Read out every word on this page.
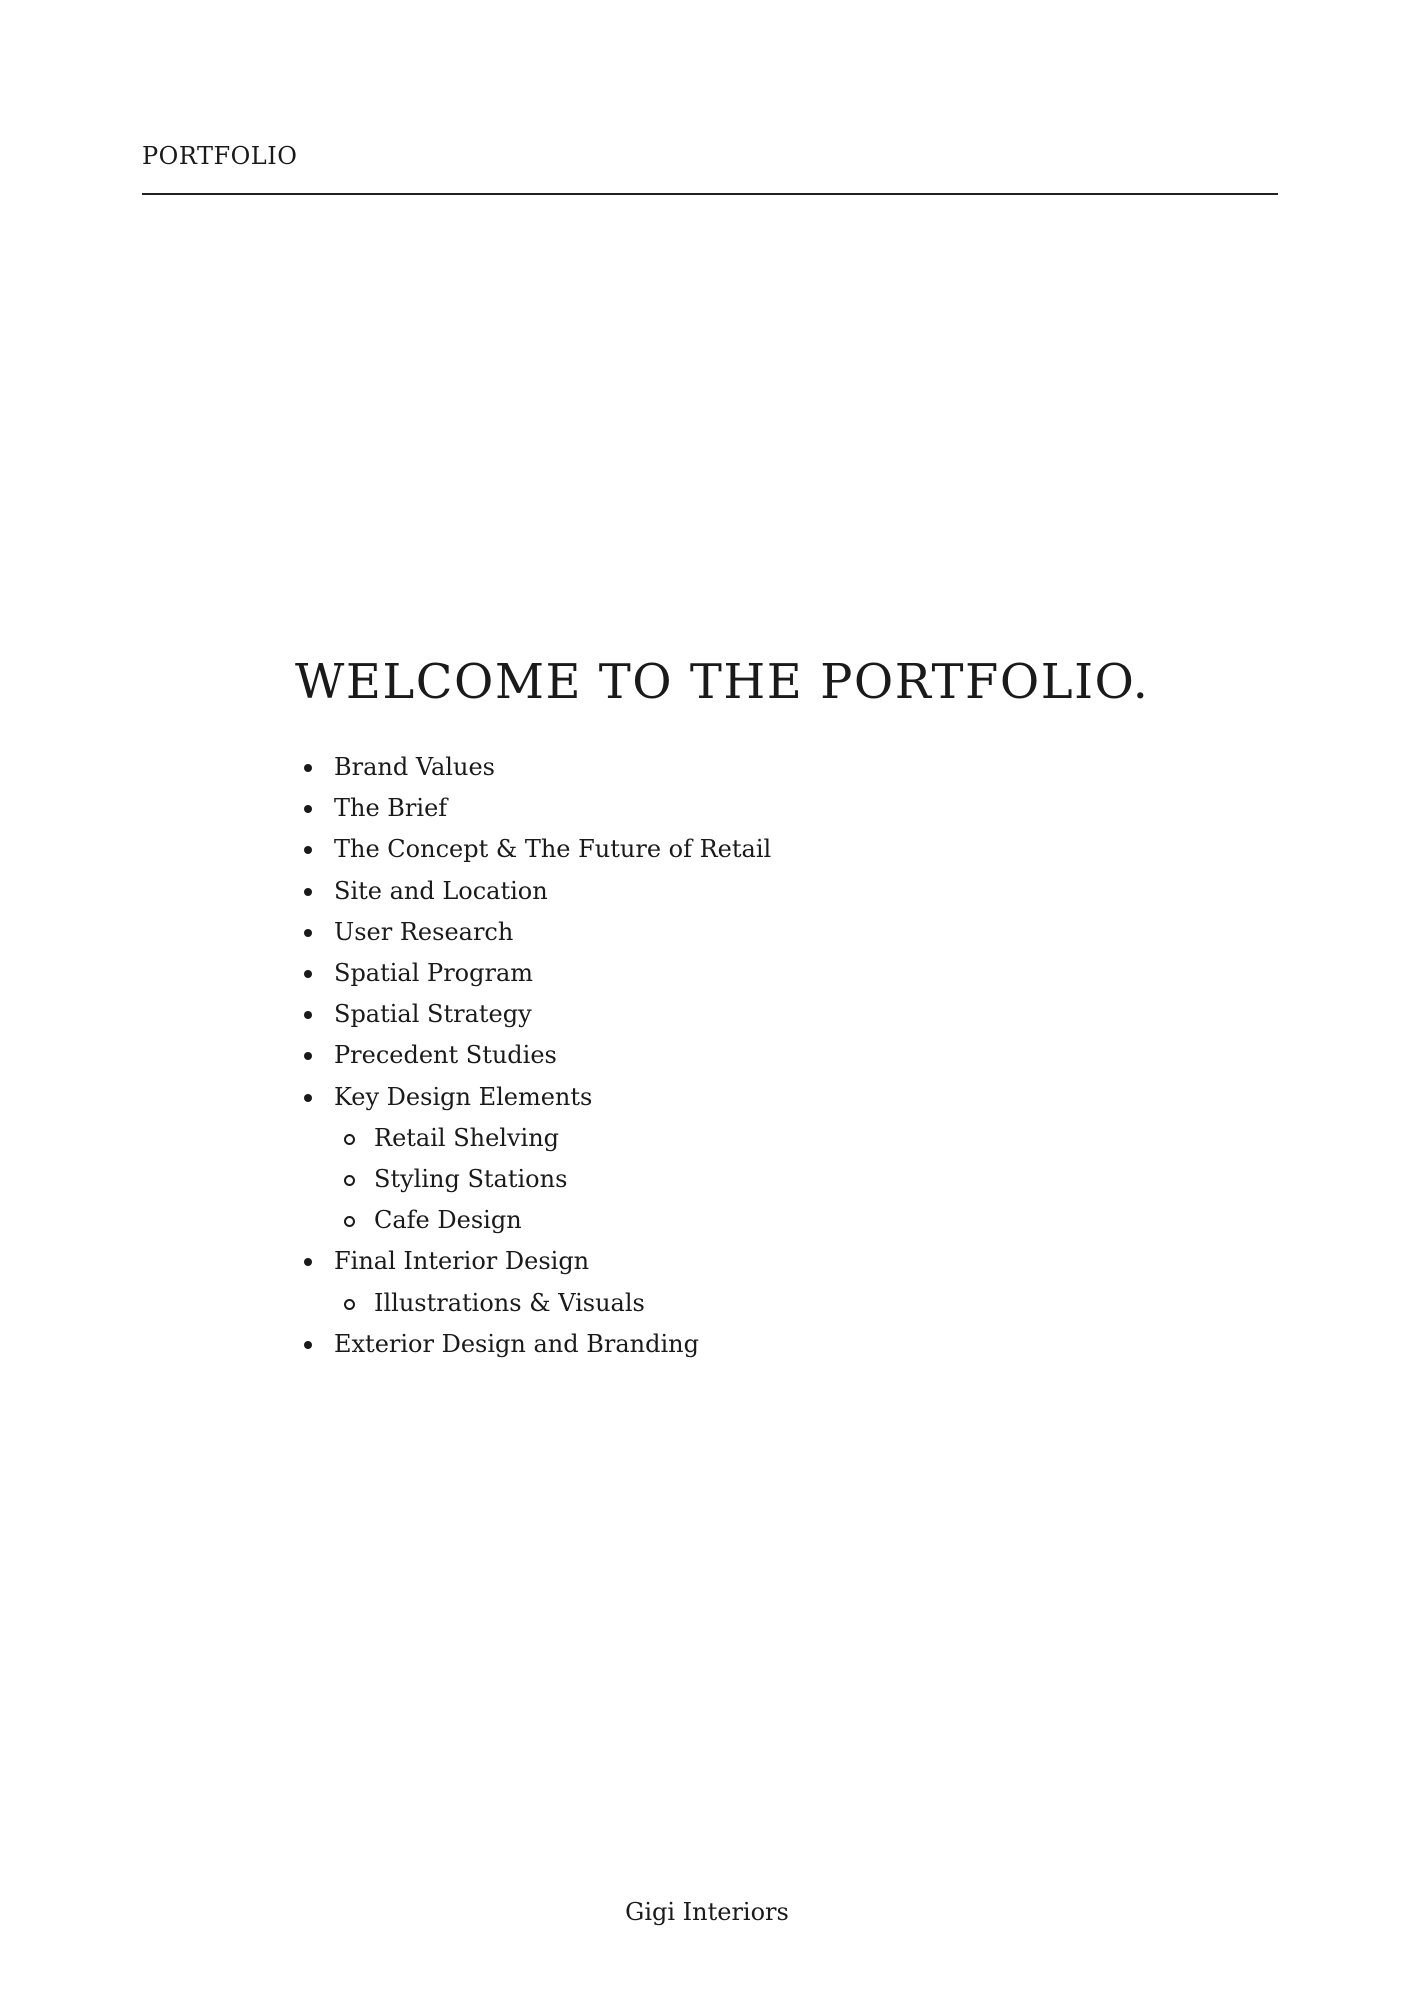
PORTFOLIO
WELCOME TO THE PORTFOLIO.
Brand Values
The Brief
The Concept & The Future of Retail
Site and Location
User Research
Spatial Program
Spatial Strategy
Precedent Studies
Key Design Elements
Retail Shelving
Styling Stations
Cafe Design
Final Interior Design
Illustrations & Visuals
Exterior Design and Branding
Gigi Interiors
